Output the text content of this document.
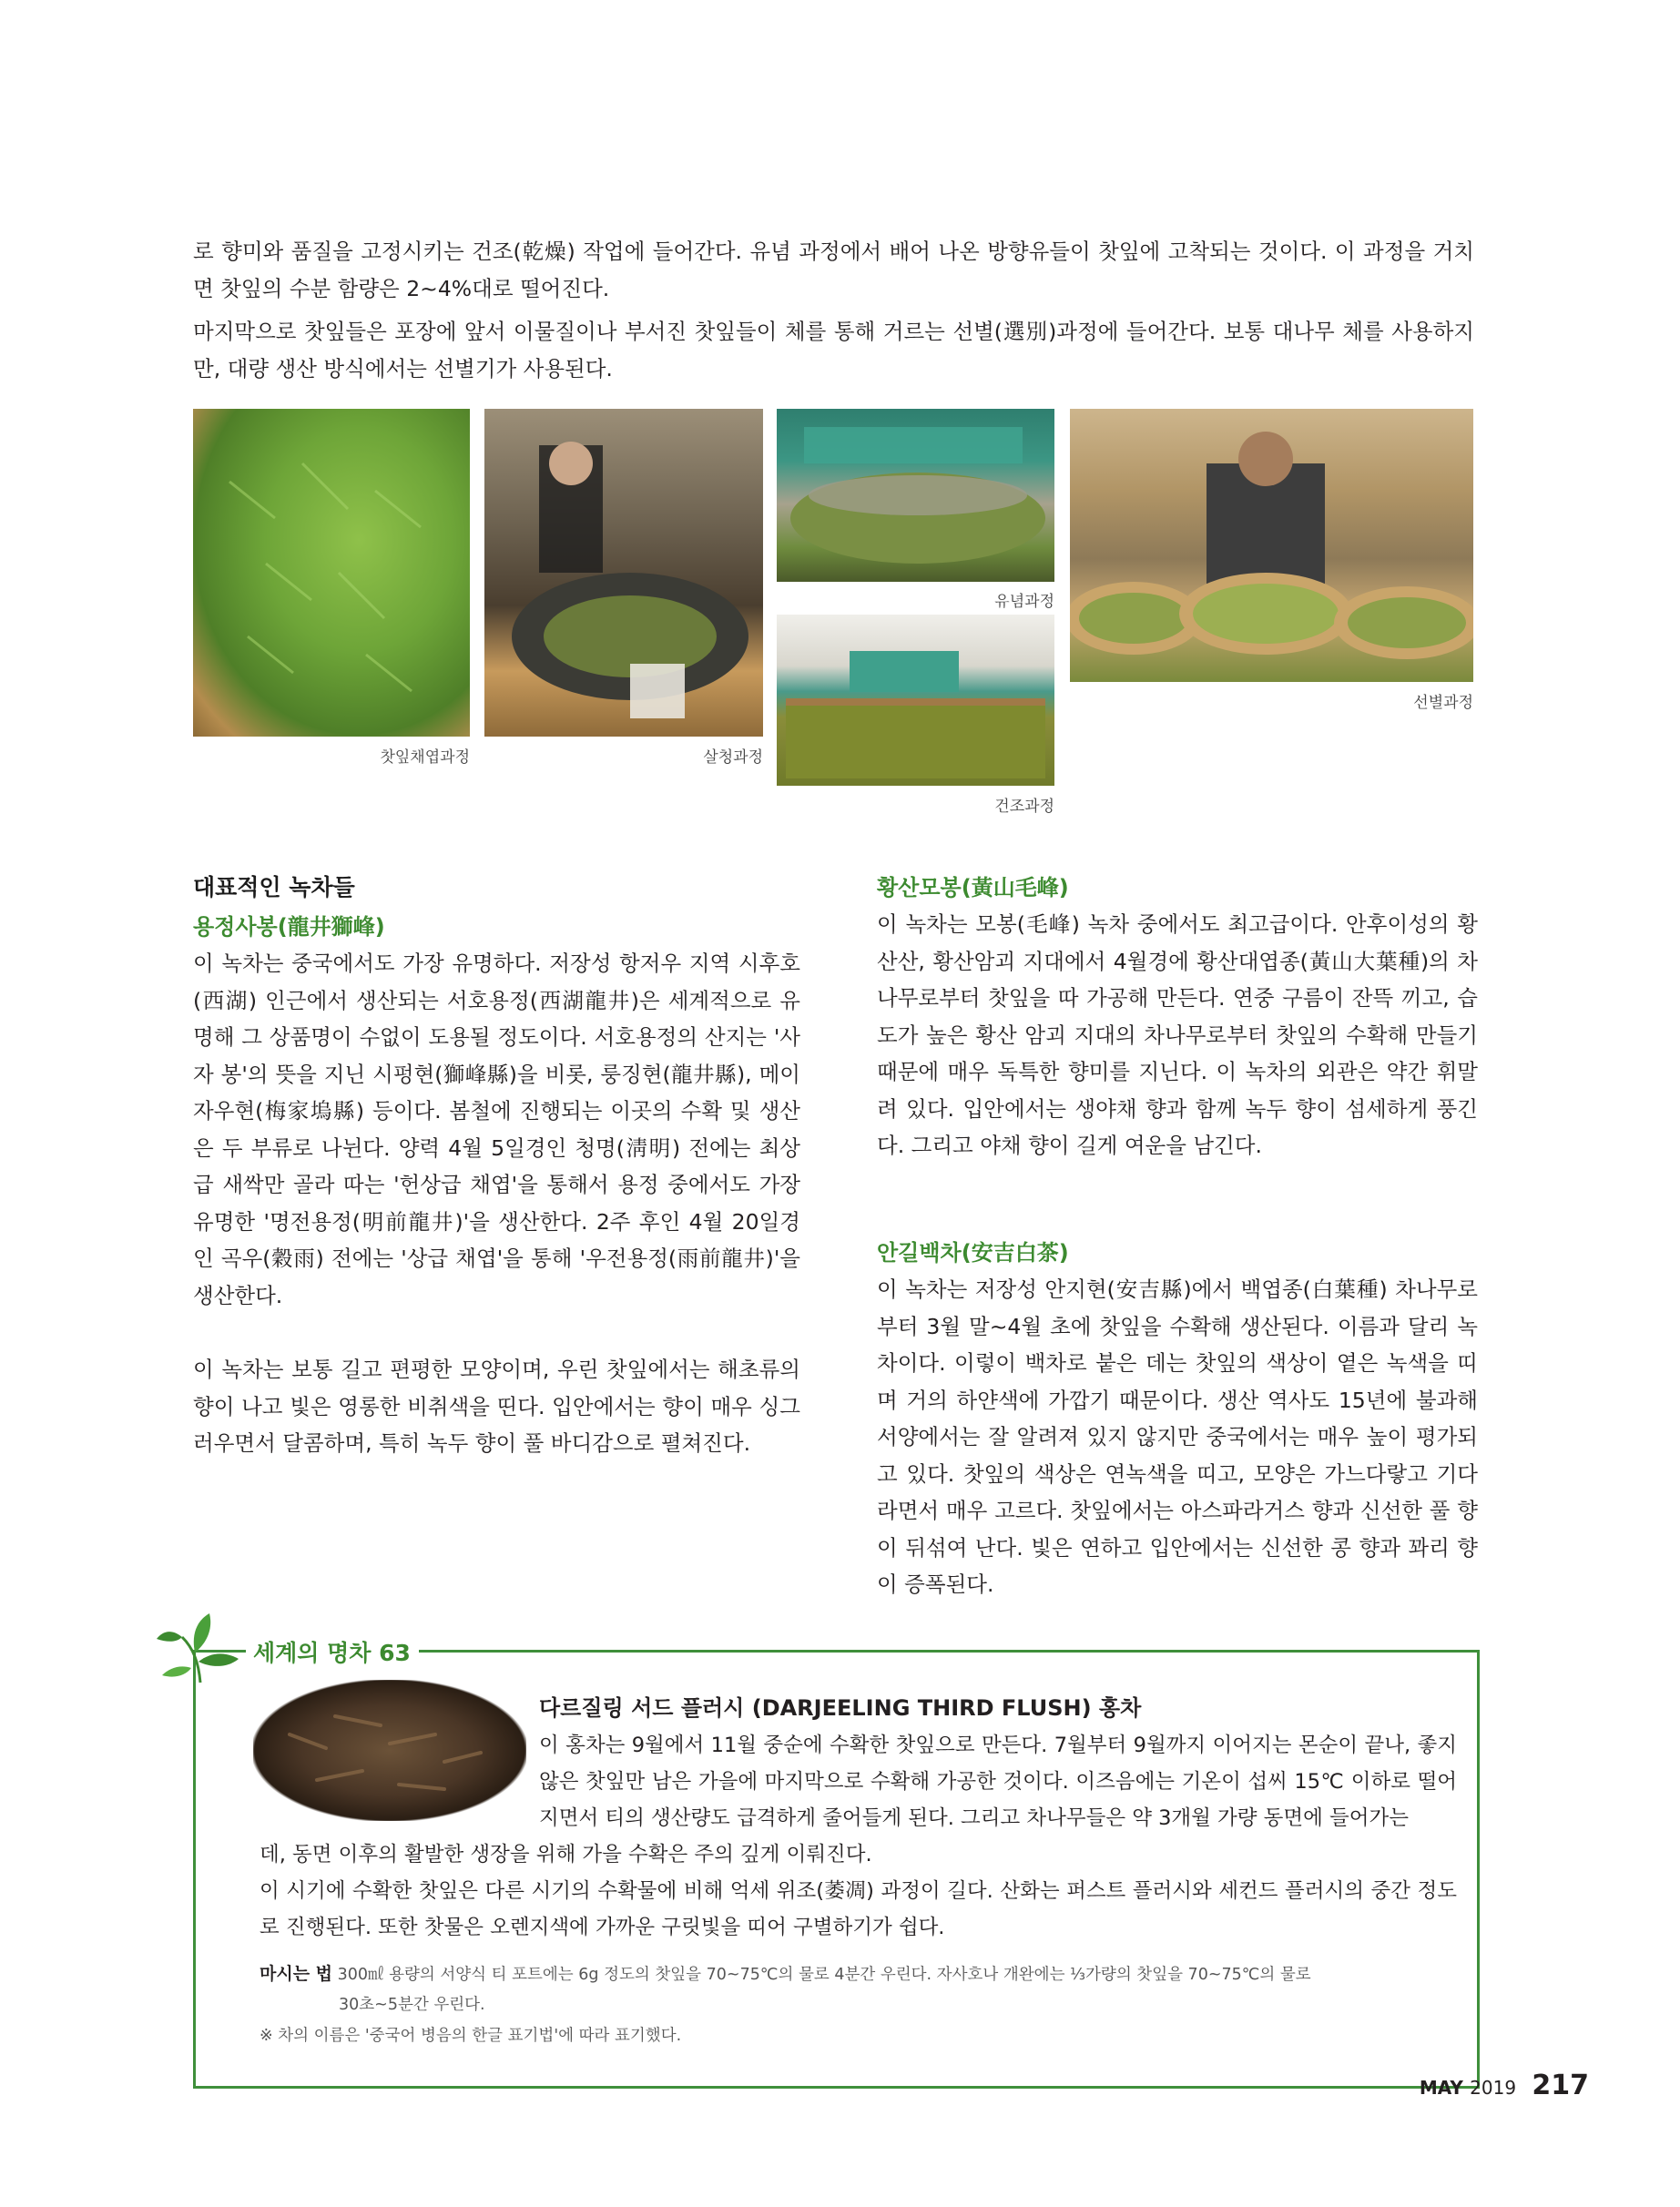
로 향미와 품질을 고정시키는 건조(乾燥) 작업에 들어간다. 유념 과정에서 배어 나온 방향유들이 찻잎에 고착되는 것이다. 이 과정을 거치면 찻잎의 수분 함량은 2~4%대로 떨어진다.
마지막으로 찻잎들은 포장에 앞서 이물질이나 부서진 찻잎들이 체를 통해 거르는 선별(選別)과정에 들어간다. 보통 대나무 체를 사용하지만, 대량 생산 방식에서는 선별기가 사용된다.
찻잎채엽과정	살청과정
유념과정
건조과정
선별과정
대표적인 녹차들
용정사봉(龍井獅峰)
이 녹차는 중국에서도 가장 유명하다. 저장성 항저우 지역 시후호(西湖) 인근에서 생산되는 서호용정(西湖龍井)은 세계적으로 유명해 그 상품명이 수없이 도용될 정도이다. 서호용정의 산지는 '사자 봉'의 뜻을 지닌 시펑현(獅峰縣)을 비롯, 룽징현(龍井縣), 메이자우현(梅家塢縣) 등이다. 봄철에 진행되는 이곳의 수확 및 생산은 두 부류로 나뉜다. 양력 4월 5일경인 청명(淸明) 전에는 최상급 새싹만 골라 따는 '헌상급 채엽'을 통해서 용정 중에서도 가장 유명한 '명전용정(明前龍井)'을 생산한다. 2주 후인 4월 20일경인 곡우(穀雨) 전에는 '상급 채엽'을 통해 '우전용정(雨前龍井)'을 생산한다.
이 녹차는 보통 길고 편평한 모양이며, 우린 찻잎에서는 해초류의 향이 나고 빛은 영롱한 비취색을 띤다. 입안에서는 향이 매우 싱그러우면서 달콤하며, 특히 녹두 향이 풀 바디감으로 펼쳐진다.
황산모봉(黃山毛峰)
이 녹차는 모봉(毛峰) 녹차 중에서도 최고급이다. 안후이성의 황산산, 황산암괴 지대에서 4월경에 황산대엽종(黃山大葉種)의 차나무로부터 찻잎을 따 가공해 만든다. 연중 구름이 잔뜩 끼고, 습도가 높은 황산 암괴 지대의 차나무로부터 찻잎의 수확해 만들기 때문에 매우 독특한 향미를 지닌다. 이 녹차의 외관은 약간 휘말려 있다. 입안에서는 생야채 향과 함께 녹두 향이 섬세하게 풍긴다. 그리고 야채 향이 길게 여운을 남긴다.
안길백차(安吉白茶)
이 녹차는 저장성 안지현(安吉縣)에서 백엽종(白葉種) 차나무로부터 3월 말~4월 초에 찻잎을 수확해 생산된다. 이름과 달리 녹차이다. 이렇이 백차로 붙은 데는 찻잎의 색상이 옅은 녹색을 띠며 거의 하얀색에 가깝기 때문이다. 생산 역사도 15년에 불과해 서양에서는 잘 알려져 있지 않지만 중국에서는 매우 높이 평가되고 있다. 찻잎의 색상은 연녹색을 띠고, 모양은 가느다랗고 기다라면서 매우 고르다. 찻잎에서는 아스파라거스 향과 신선한 풀 향이 뒤섞여 난다. 빛은 연하고 입안에서는 신선한 콩 향과 꽈리 향이 증폭된다.
세계의 명차 63
다르질링 서드 플러시 (DARJEELING THIRD FLUSH) 홍차
이 홍차는 9월에서 11월 중순에 수확한 찻잎으로 만든다. 7월부터 9월까지 이어지는 몬순이 끝나, 좋지 않은 찻잎만 남은 가을에 마지막으로 수확해 가공한 것이다. 이즈음에는 기온이 섭씨 15℃ 이하로 떨어지면서 티의 생산량도 급격하게 줄어들게 된다. 그리고 차나무들은 약 3개월 가량 동면에 들어가는
데, 동면 이후의 활발한 생장을 위해 가을 수확은 주의 깊게 이뤄진다.
이 시기에 수확한 찻잎은 다른 시기의 수확물에 비해 억세 위조(萎凋) 과정이 길다. 산화는 퍼스트 플러시와 세컨드 플러시의 중간 정도로 진행된다. 또한 찻물은 오렌지색에 가까운 구릿빛을 띠어 구별하기가 쉽다.
마시는 법 300㎖ 용량의 서양식 티 포트에는 6g 정도의 찻잎을 70~75℃의 물로 4분간 우린다. 자사호나 개완에는 ⅓가량의 찻잎을 70~75℃의 물로
30초~5분간 우린다.
※ 차의 이름은 '중국어 병음의 한글 표기법'에 따라 표기했다.
MAY 2019 217
